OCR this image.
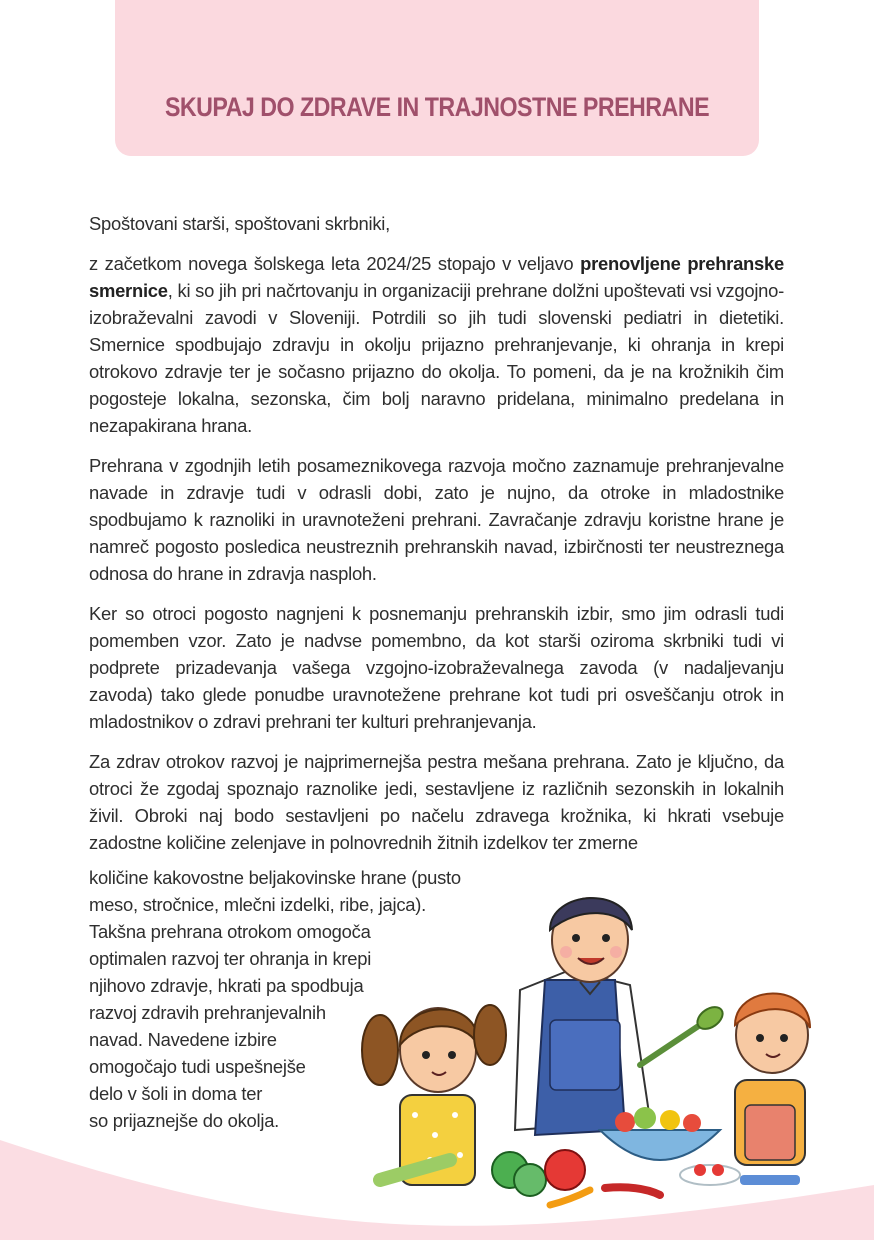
SKUPAJ DO ZDRAVE IN TRAJNOSTNE PREHRANE

Spoštovani starši, spoštovani skrbniki,

z začetkom novega šolskega leta 2024/25 stopajo v veljavo prenovljene prehranske smernice, ki so jih pri načrtovanju in organizaciji prehrane dolžni upoštevati vsi vzgojno-izobraževalni zavodi v Sloveniji. Potrdili so jih tudi slovenski pediatri in dietetiki. Smernice spodbujajo zdravju in okolju prijazno prehranjevanje, ki ohranja in krepi otrokovo zdravje ter je sočasno prijazno do okolja. To pomeni, da je na krožnikih čim pogosteje lokalna, sezonska, čim bolj naravno pridelana, minimalno predelana in nezapakirana hrana.

Prehrana v zgodnjih letih posameznikovega razvoja močno zaznamuje prehranjevalne navade in zdravje tudi v odrasli dobi, zato je nujno, da otroke in mladostnike spodbujamo k raznoliki in uravnoteženi prehrani. Zavračanje zdravju koristne hrane je namreč pogosto posledica neustreznih prehranskih navad, izbirčnosti ter neustreznega odnosa do hrane in zdravja nasploh.

Ker so otroci pogosto nagnjeni k posnemanju prehranskih izbir, smo jim odrasli tudi pomemben vzor. Zato je nadvse pomembno, da kot starši oziroma skrbniki tudi vi podprete prizadevanja vašega vzgojno-izobraževalnega zavoda (v nadaljevanju zavoda) tako glede ponudbe uravnotežene prehrane kot tudi pri osveščanju otrok in mladostnikov o zdravi prehrani ter kulturi prehranjevanja.

Za zdrav otrokov razvoj je najprimernejša pestra mešana prehrana. Zato je ključno, da otroci že zgodaj spoznajo raznolike jedi, sestavljene iz različnih sezonskih in lokalnih živil. Obroki naj bodo sestavljeni po načelu zdravega krožnika, ki hkrati vsebuje zadostne količine zelenjave in polnovrednih žitnih izdelkov ter zmerne

količine kakovostne beljakovinske hrane (pusto
meso, stročnice, mlečni izdelki, ribe, jajca).
Takšna prehrana otrokom omogoča
optimalen razvoj ter ohranja in krepi
njihovo zdravje, hkrati pa spodbuja
razvoj zdravih prehranjevalnih
navad. Navedene izbire
omogočajo tudi uspešnejše
delo v šoli in doma ter
so prijaznejše do okolja.
